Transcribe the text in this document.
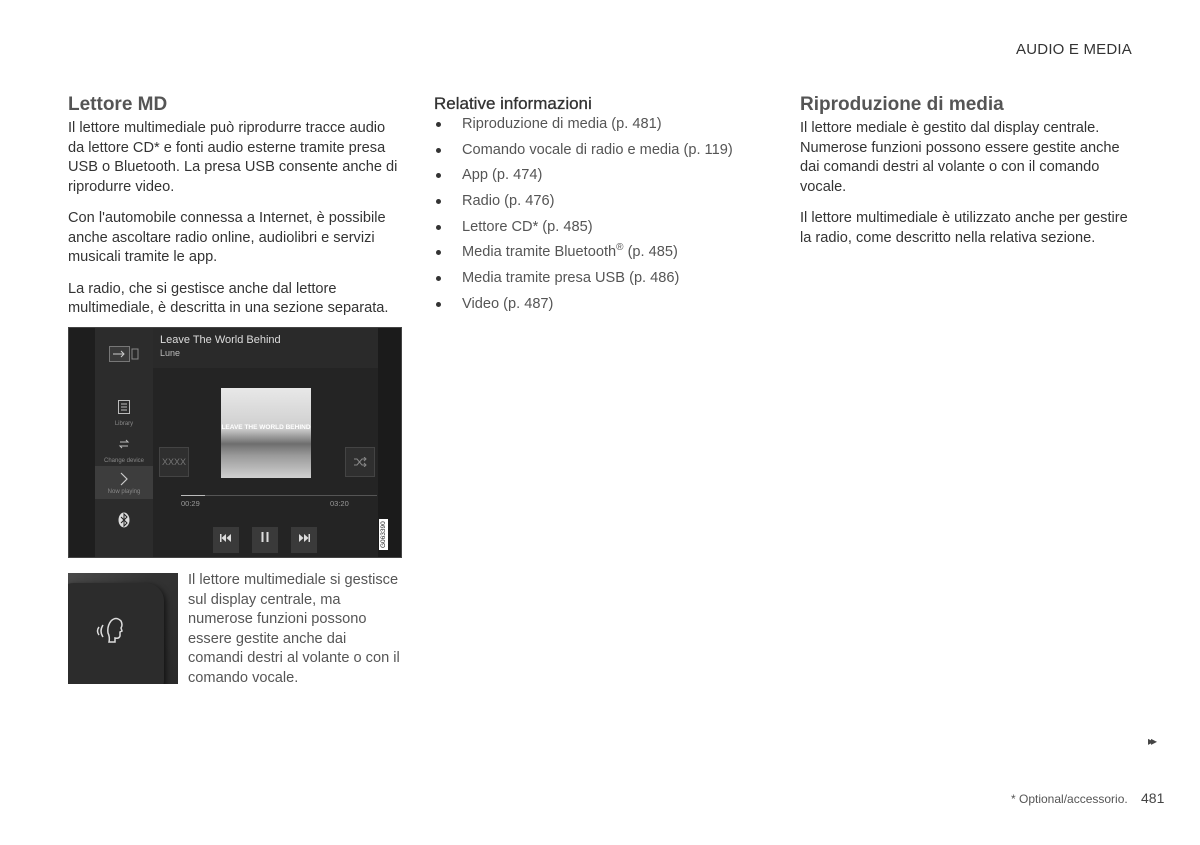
AUDIO E MEDIA
Lettore MD

Il lettore multimediale può riprodurre tracce audio da lettore CD* e fonti audio esterne tramite presa USB o Bluetooth. La presa USB consente anche di riprodurre video.

Con l'automobile connessa a Internet, è possibile anche ascoltare radio online, audiolibri e servizi musicali tramite le app.

La radio, che si gestisce anche dal lettore multimediale, è descritta in una sezione separata.

Library
Change device
Now playing
Leave The World Behind
Lune
LEAVE THE WORLD BEHIND
XXXX
00:29	03:20
G063390
Il lettore multimediale si gestisce sul display centrale, ma numerose funzioni possono essere gestite anche dai comandi destri al volante o con il comando vocale.
Relative informazioni
Riproduzione di media (p. 481)
Comando vocale di radio e media (p. 119)
App (p. 474)
Radio (p. 476)
Lettore CD* (p. 485)
Media tramite Bluetooth® (p. 485)
Media tramite presa USB (p. 486)
Video (p. 487)
Riproduzione di media

Il lettore mediale è gestito dal display centrale. Numerose funzioni possono essere gestite anche dai comandi destri al volante o con il comando vocale.

Il lettore multimediale è utilizzato anche per gestire la radio, come descritto nella relativa sezione.

▸▸
* Optional/accessorio. 481
